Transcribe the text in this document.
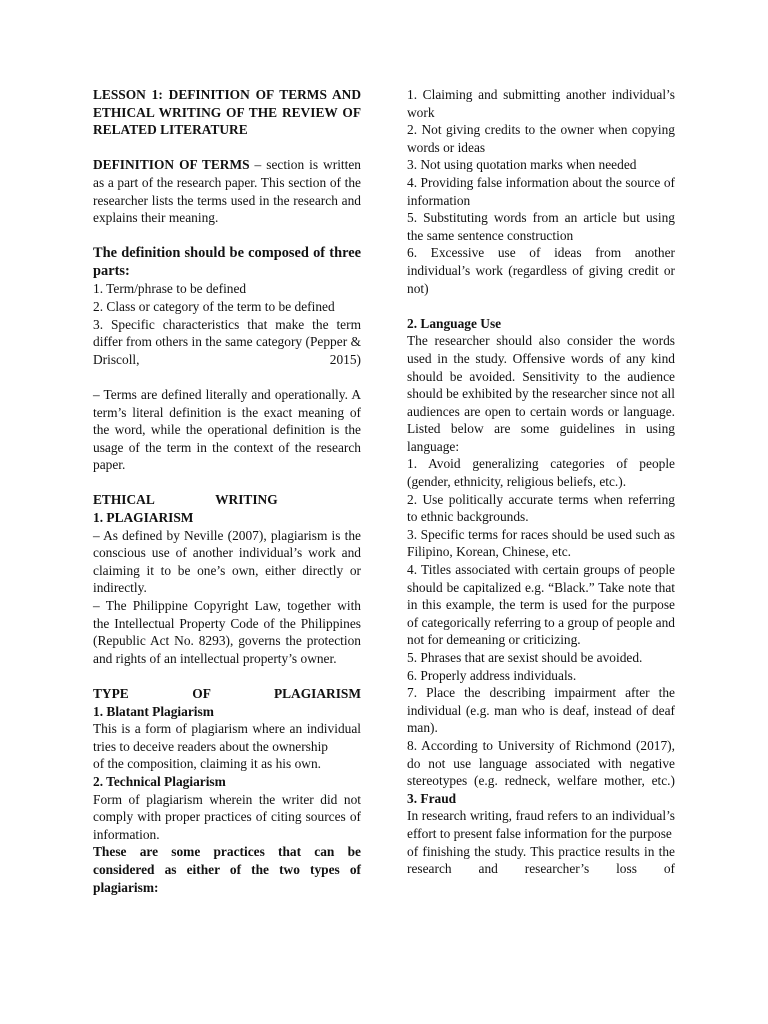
LESSON 1: DEFINITION OF TERMS AND ETHICAL WRITING OF THE REVIEW OF RELATED LITERATURE

DEFINITION OF TERMS – section is written as a part of the research paper. This section of the researcher lists the terms used in the research and explains their meaning.

The definition should be composed of three parts:

1. Term/phrase to be defined

2. Class or category of the term to be defined

3. Specific characteristics that make the term differ from others in the same category (Pepper & Driscoll, 2015)

– Terms are defined literally and operationally. A term’s literal definition is the exact meaning of the word, while the operational definition is the usage of the term in the context of the research paper.

ETHICAL WRITING

1. PLAGIARISM

– As defined by Neville (2007), plagiarism is the conscious use of another individual’s work and claiming it to be one’s own, either directly or indirectly.

– The Philippine Copyright Law, together with the Intellectual Property Code of the Philippines (Republic Act No. 8293), governs the protection and rights of an intellectual property’s owner.

TYPE OF PLAGIARISM

1. Blatant Plagiarism

This is a form of plagiarism where an individual tries to deceive readers about the ownership

of the composition, claiming it as his own.

2. Technical Plagiarism

Form of plagiarism wherein the writer did not comply with proper practices of citing sources of information.

These are some practices that can be considered as either of the two types of plagiarism:

1. Claiming and submitting another individual’s work

2. Not giving credits to the owner when copying words or ideas

3. Not using quotation marks when needed

4. Providing false information about the source of information

5. Substituting words from an article but using the same sentence construction

6. Excessive use of ideas from another individual’s work (regardless of giving credit or not)

2. Language Use

The researcher should also consider the words used in the study. Offensive words of any kind should be avoided. Sensitivity to the audience should be exhibited by the researcher since not all audiences are open to certain words or language. Listed below are some guidelines in using language:

1. Avoid generalizing categories of people (gender, ethnicity, religious beliefs, etc.).

2. Use politically accurate terms when referring to ethnic backgrounds.

3. Specific terms for races should be used such as Filipino, Korean, Chinese, etc.

4. Titles associated with certain groups of people should be capitalized e.g. “Black.” Take note that in this example, the term is used for the purpose of categorically referring to a group of people and not for demeaning or criticizing.

5. Phrases that are sexist should be avoided.

6. Properly address individuals.

7. Place the describing impairment after the individual (e.g. man who is deaf, instead of deaf man).

8. According to University of Richmond (2017), do not use language associated with negative stereotypes (e.g. redneck, welfare mother, etc.)

3. Fraud

In research writing, fraud refers to an individual’s effort to present false information for the purpose

of finishing the study. This practice results in the research and researcher’s loss of
